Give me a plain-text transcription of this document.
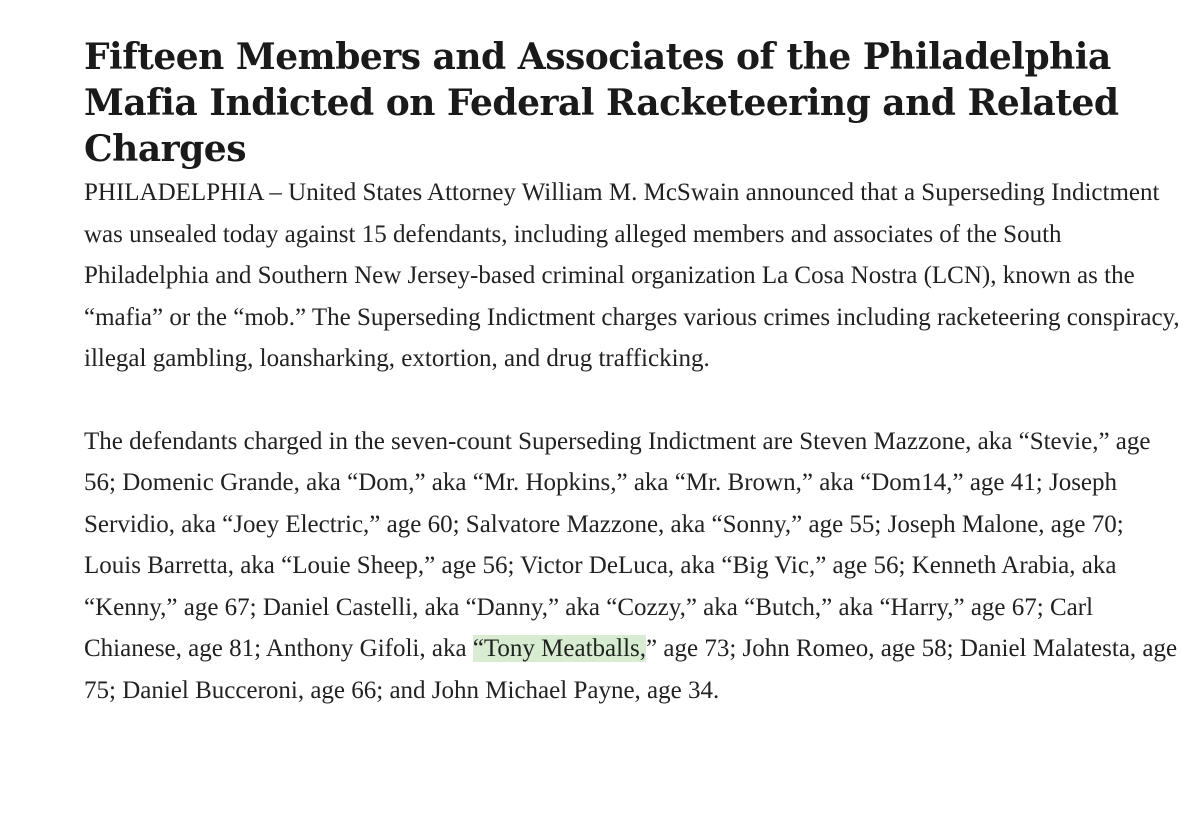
Fifteen Members and Associates of the Philadelphia Mafia Indicted on Federal Racketeering and Related Charges

PHILADELPHIA – United States Attorney William M. McSwain announced that a Superseding Indictment was unsealed today against 15 defendants, including alleged members and associates of the South Philadelphia and Southern New Jersey-based criminal organization La Cosa Nostra (LCN), known as the “mafia” or the “mob.” The Superseding Indictment charges various crimes including racketeering conspiracy, illegal gambling, loansharking, extortion, and drug trafficking.

The defendants charged in the seven-count Superseding Indictment are Steven Mazzone, aka “Stevie,” age 56; Domenic Grande, aka “Dom,” aka “Mr. Hopkins,” aka “Mr. Brown,” aka “Dom14,” age 41; Joseph Servidio, aka “Joey Electric,” age 60; Salvatore Mazzone, aka “Sonny,” age 55; Joseph Malone, age 70; Louis Barretta, aka “Louie Sheep,” age 56; Victor DeLuca, aka “Big Vic,” age 56; Kenneth Arabia, aka “Kenny,” age 67; Daniel Castelli, aka “Danny,” aka “Cozzy,” aka “Butch,” aka “Harry,” age 67; Carl Chianese, age 81; Anthony Gifoli, aka “Tony Meatballs,” age 73; John Romeo, age 58; Daniel Malatesta, age 75; Daniel Bucceroni, age 66; and John Michael Payne, age 34.
